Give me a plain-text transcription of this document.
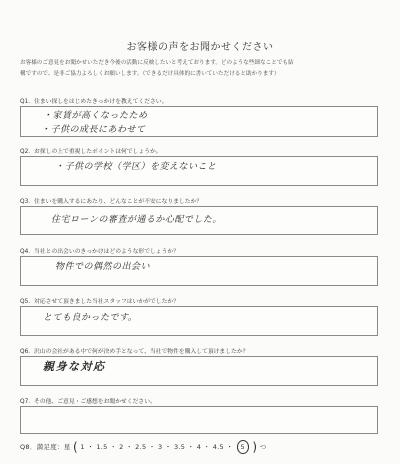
お客様の声をお聞かせください
お客様のご意見をお聞かせいただき今後の活動に反映したいと考えております。どのような些細なことでも結
構ですので、是非ご協力よろしくお願いします。（できるだけ具体的に書いていただけると助かります）
Q1．住まい探しをはじめたきっかけを教えてください。
・家賃が高くなったため
・子供の成長にあわせて
Q2．お探しの上で重視したポイントは何でしょうか。
・子供の学校（学区）を変えないこと
Q3．住まいを購入するにあたり、どんなことが不安になりましたか？
住宅ローンの審査が通るか心配でした。
Q4．当社との出会いのきっかけはどのような形でしょうか？
物件での偶然の出会い
Q5．対応させて頂きました当社スタッフはいかがでしたか？
とても良かったです。
Q6．沢山の会社がある中で何が決め手となって、当社で物件を購入して頂けましたか？
親身な対応
Q7．その他、ご意見・ご感想をお聞かせください。
Q8．満足度：星 ( 1 ・ 1.5 ・ 2 ・ 2.5 ・ 3 ・ 3.5 ・ 4 ・ 4.5 ・ 5 ) つ
